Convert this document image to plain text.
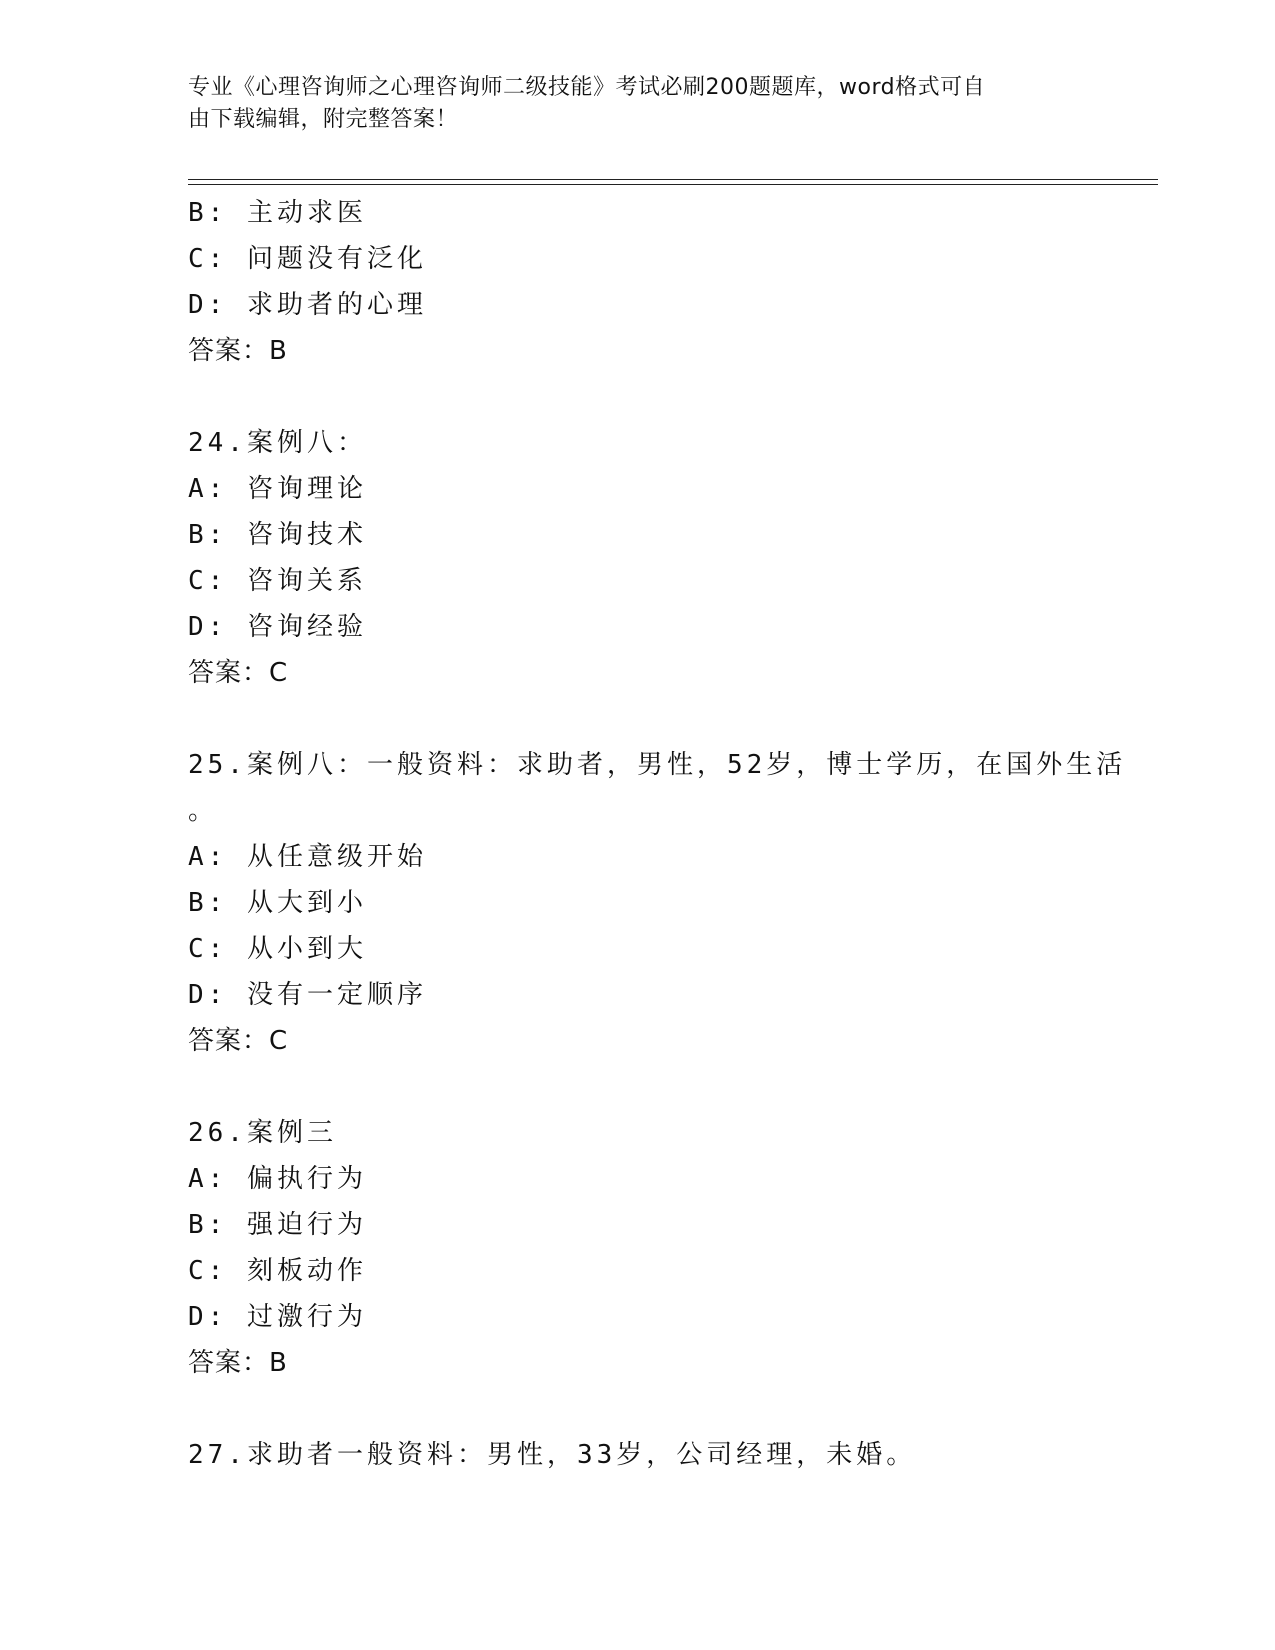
专业《心理咨询师之心理咨询师二级技能》考试必刷200题题库，word格式可自
由下载编辑，附完整答案！
B: 主动求医
C: 问题没有泛化
D: 求助者的心理
答案：B
24.案例八：
A: 咨询理论
B: 咨询技术
C: 咨询关系
D: 咨询经验
答案：C
25.案例八：一般资料：求助者，男性，52岁，博士学历，在国外生活
。
A: 从任意级开始
B: 从大到小
C: 从小到大
D: 没有一定顺序
答案：C
26.案例三
A: 偏执行为
B: 强迫行为
C: 刻板动作
D: 过激行为
答案：B
27.求助者一般资料：男性，33岁，公司经理，未婚。
